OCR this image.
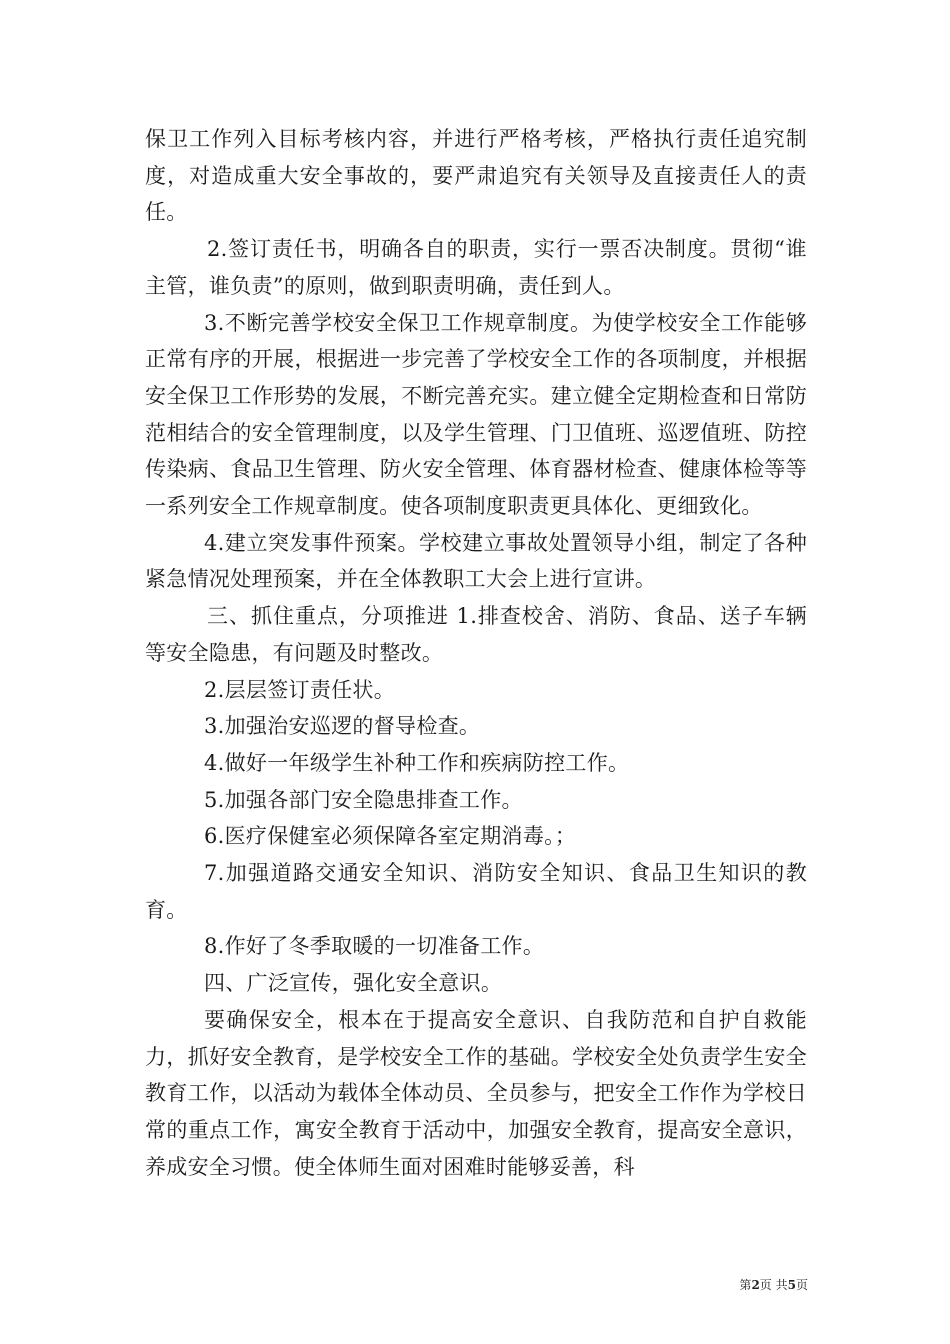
保卫工作列入目标考核内容，并进行严格考核，严格执行责任追究制度，对造成重大安全事故的，要严肃追究有关领导及直接责任人的责任。

2.签订责任书，明确各自的职责，实行一票否决制度。贯彻“谁主管，谁负责”的原则，做到职责明确，责任到人。

3.不断完善学校安全保卫工作规章制度。为使学校安全工作能够正常有序的开展，根据进一步完善了学校安全工作的各项制度，并根据安全保卫工作形势的发展，不断完善充实。建立健全定期检查和日常防范相结合的安全管理制度，以及学生管理、门卫值班、巡逻值班、防控传染病、食品卫生管理、防火安全管理、体育器材检查、健康体检等等一系列安全工作规章制度。使各项制度职责更具体化、更细致化。

4.建立突发事件预案。学校建立事故处置领导小组，制定了各种紧急情况处理预案，并在全体教职工大会上进行宣讲。

三、抓住重点，分项推进 1.排查校舍、消防、食品、送子车辆等安全隐患，有问题及时整改。

2.层层签订责任状。

3.加强治安巡逻的督导检查。

4.做好一年级学生补种工作和疾病防控工作。

5.加强各部门安全隐患排查工作。

6.医疗保健室必须保障各室定期消毒。；

7.加强道路交通安全知识、消防安全知识、食品卫生知识的教育。

8.作好了冬季取暖的一切准备工作。

四、广泛宣传，强化安全意识。

要确保安全，根本在于提高安全意识、自我防范和自护自救能力，抓好安全教育，是学校安全工作的基础。学校安全处负责学生安全教育工作，以活动为载体全体动员、全员参与，把安全工作作为学校日常的重点工作，寓安全教育于活动中，加强安全教育，提高安全意识，养成安全习惯。使全体师生面对困难时能够妥善，科

第2页 共5页
